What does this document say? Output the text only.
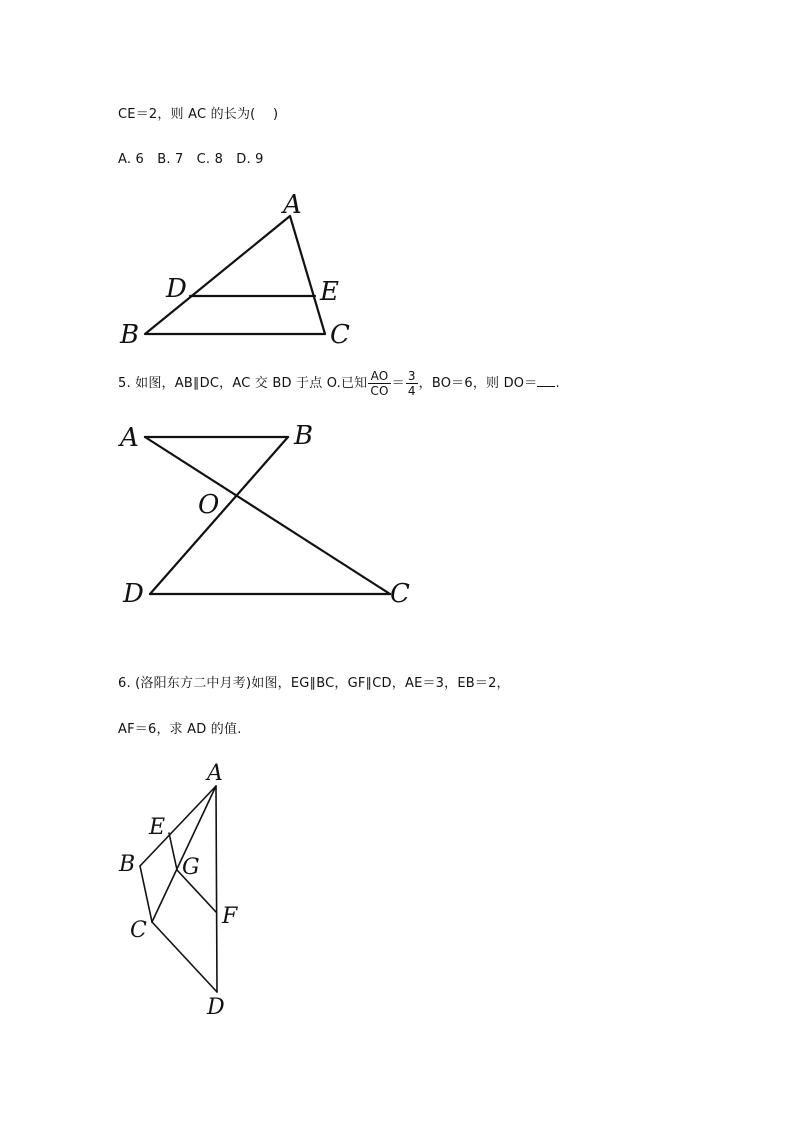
CE＝2，则 AC 的长为(　 )
A. 6　B. 7　C. 8　D. 9
A
B	C
D	E
5. 如图，AB∥DC，AC 交 BD 于点 O.已知 $\frac{AO}{CO} = \frac{3}{4}$ ，BO＝6，则 DO＝ .
A	B
C
D
O
6. (洛阳东方二中月考)如图，EG∥BC，GF∥CD，AE＝3，EB＝2，
AF＝6，求 AD 的值.
A
B
C
D
E
F
G
